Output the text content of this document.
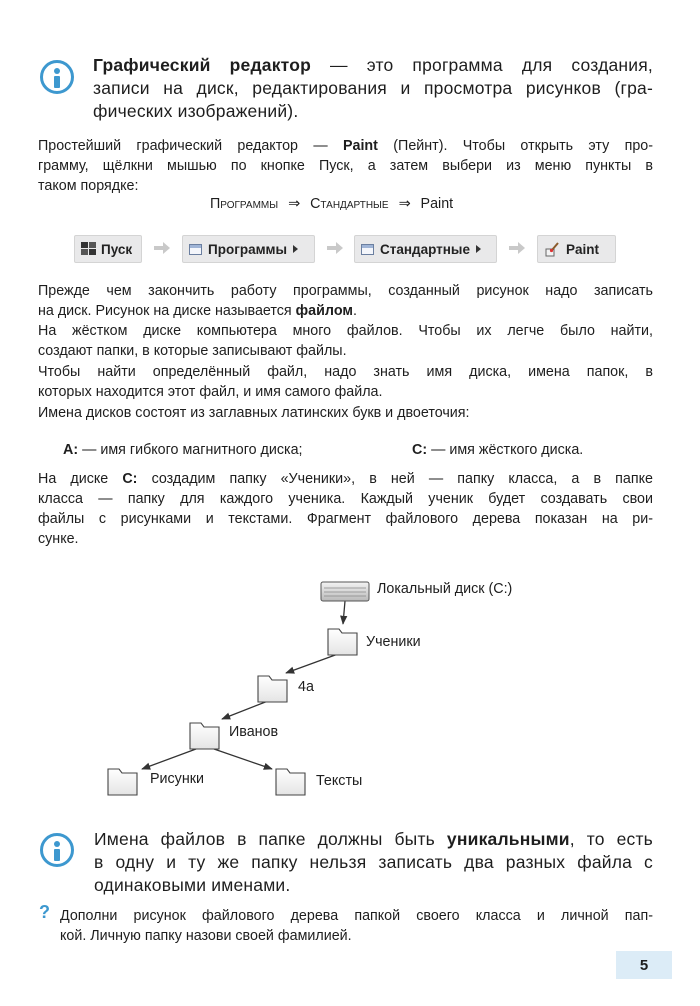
Графический редактор — это программа для создания,
записи на диск, редактирования и просмотра рисунков (гра-
фических изображений).
Простейший графический редактор — Paint (Пейнт). Чтобы открыть эту про-
грамму, щёлкни мышью по кнопке Пуск, а затем выбери из меню пункты в
таком порядке:
Программы ⇒ Стандартные ⇒ Paint
Пуск	Программы	Стандартные	Paint
Прежде чем закончить работу программы, созданный рисунок надо записать
на диск. Рисунок на диске называется файлом.
На жёстком диске компьютера много файлов. Чтобы их легче было найти,
создают папки, в которые записывают файлы.
Чтобы найти определённый файл, надо знать имя диска, имена папок, в
которых находится этот файл, и имя самого файла.
Имена дисков состоят из заглавных латинских букв и двоеточия:
A: — имя гибкого магнитного диска;	C: — имя жёсткого диска.
На диске C: создадим папку «Ученики», в ней — папку класса, а в папке
класса — папку для каждого ученика. Каждый ученик будет создавать свои
файлы с рисунками и текстами. Фрагмент файлового дерева показан на ри-
сунке.
Локальный диск (C:)
Ученики
4а
Иванов
Рисунки	Тексты
Имена файлов в папке должны быть уникальными, то есть
в одну и ту же папку нельзя записать два разных файла с
одинаковыми именами.
? Дополни рисунок файлового дерева папкой своего класса и личной пап-
кой. Личную папку назови своей фамилией.
5
